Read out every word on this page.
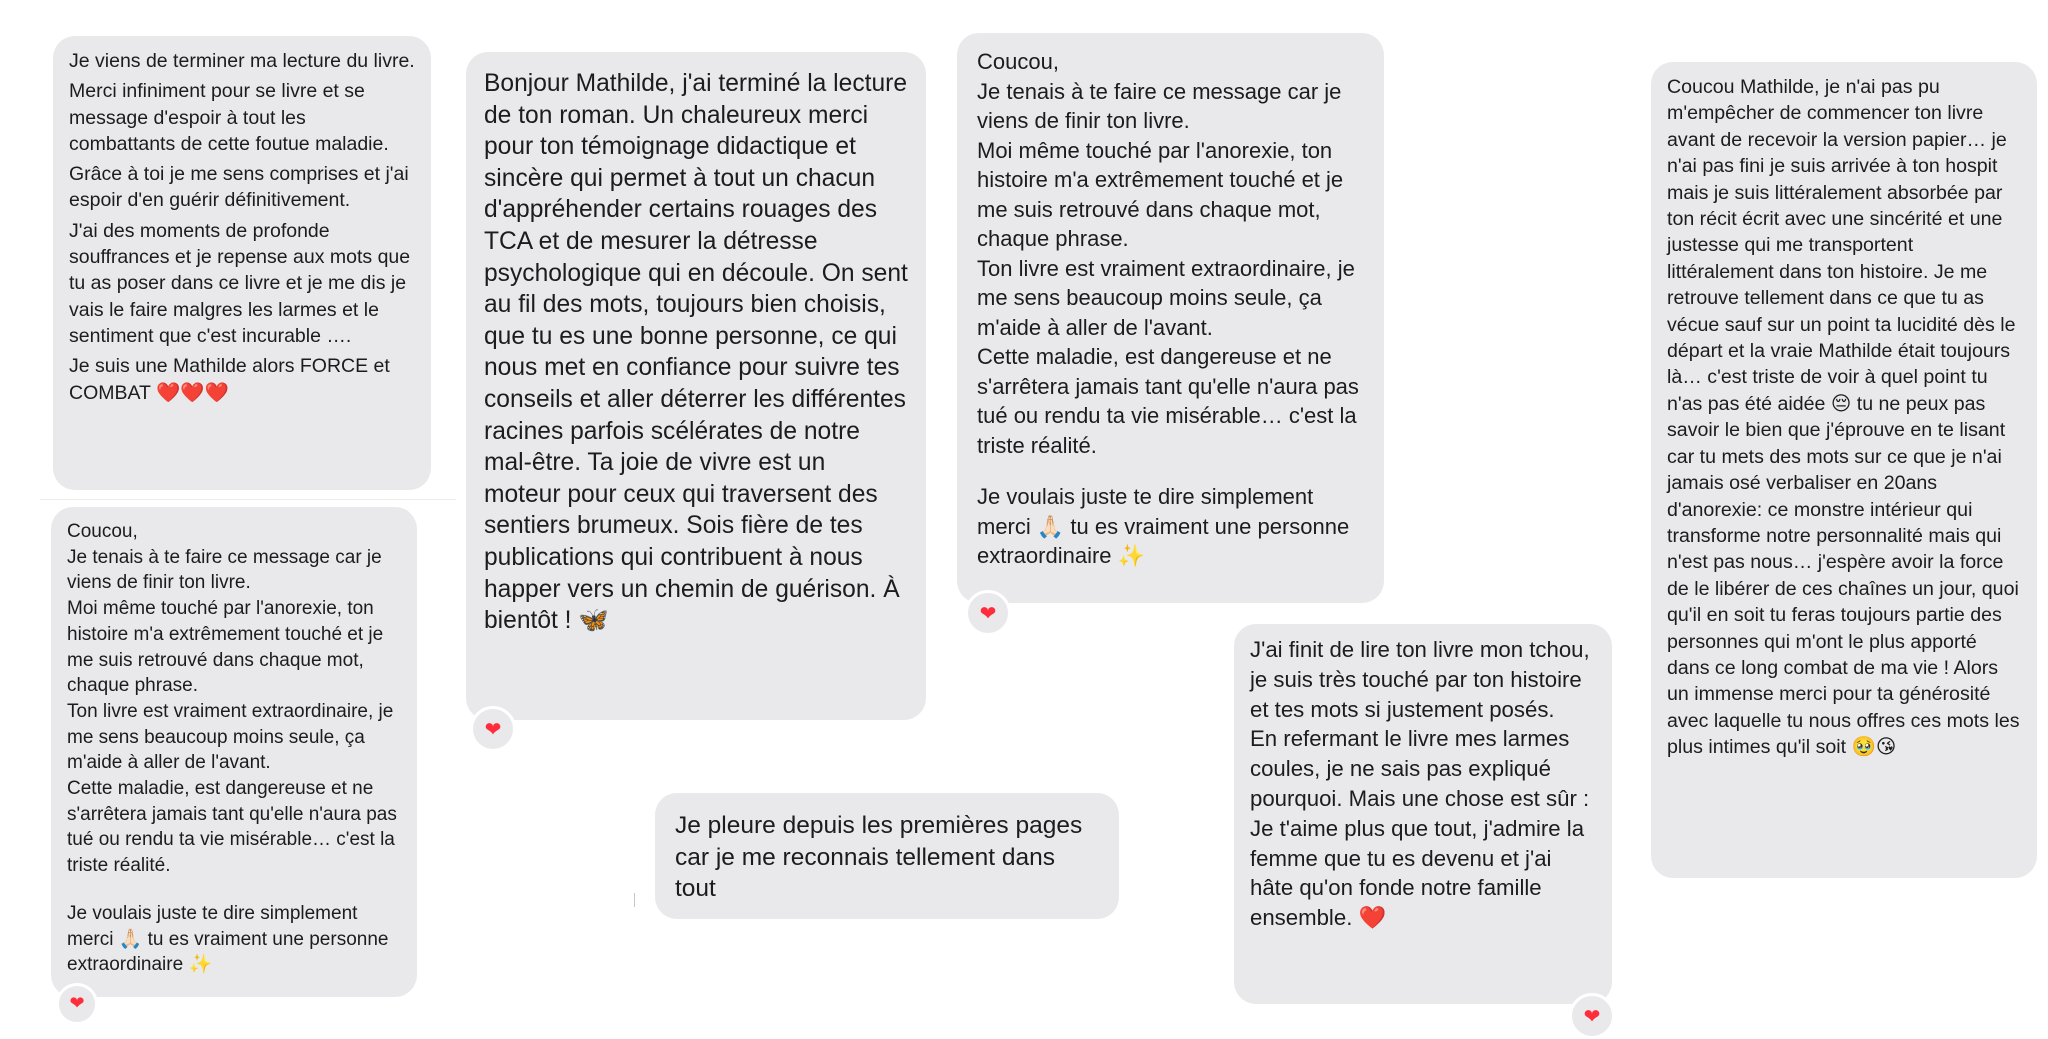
Je viens de terminer ma lecture du livre.
Merci infiniment pour se livre et se message d'espoir à tout les combattants de cette foutue maladie.
Grâce à toi je me sens comprises et j'ai espoir d'en guérir définitivement.
J'ai des moments de profonde souffrances et je repense aux mots que tu as poser dans ce livre et je me dis je vais le faire malgres les larmes et le sentiment que c'est incurable ….
Je suis une Mathilde alors FORCE et COMBAT ❤️❤️❤️
Bonjour Mathilde, j'ai terminé la lecture de ton roman. Un chaleureux merci pour ton témoignage didactique et sincère qui permet à tout un chacun d'appréhender certains rouages des TCA et de mesurer la détresse psychologique qui en découle. On sent au fil des mots, toujours bien choisis, que tu es une bonne personne, ce qui nous met en confiance pour suivre tes conseils et aller déterrer les différentes racines parfois scélérates de notre mal-être. Ta joie de vivre est un moteur pour ceux qui traversent des sentiers brumeux. Sois fière de tes publications qui contribuent à nous happer vers un chemin de guérison. À bientôt ! 🦋
❤
Coucou,
Je tenais à te faire ce message car je viens de finir ton livre.
Moi même touché par l'anorexie, ton histoire m'a extrêmement touché et je me suis retrouvé dans chaque mot, chaque phrase.
Ton livre est vraiment extraordinaire, je me sens beaucoup moins seule, ça m'aide à aller de l'avant.
Cette maladie, est dangereuse et ne s'arrêtera jamais tant qu'elle n'aura pas tué ou rendu ta vie misérable… c'est la triste réalité.
Je voulais juste te dire simplement merci 🙏🏻 tu es vraiment une personne extraordinaire ✨
❤
Coucou,
Je tenais à te faire ce message car je viens de finir ton livre.
Moi même touché par l'anorexie, ton histoire m'a extrêmement touché et je me suis retrouvé dans chaque mot, chaque phrase.
Ton livre est vraiment extraordinaire, je me sens beaucoup moins seule, ça m'aide à aller de l'avant.
Cette maladie, est dangereuse et ne s'arrêtera jamais tant qu'elle n'aura pas tué ou rendu ta vie misérable… c'est la triste réalité.
Je voulais juste te dire simplement merci 🙏🏻 tu es vraiment une personne extraordinaire ✨
❤
Je pleure depuis les premières pages car je me reconnais tellement dans tout
J'ai finit de lire ton livre mon tchou, je suis très touché par ton histoire et tes mots si justement posés.
En refermant le livre mes larmes coules, je ne sais pas expliqué pourquoi. Mais une chose est sûr :
Je t'aime plus que tout, j'admire la femme que tu es devenu et j'ai hâte qu'on fonde notre famille ensemble. ❤️
❤
Coucou Mathilde, je n'ai pas pu m'empêcher de commencer ton livre avant de recevoir la version papier… je n'ai pas fini je suis arrivée à ton hospit mais je suis littéralement absorbée par ton récit écrit avec une sincérité et une justesse qui me transportent littéralement dans ton histoire. Je me retrouve tellement dans ce que tu as vécue sauf sur un point ta lucidité dès le départ et la vraie Mathilde était toujours là… c'est triste de voir à quel point tu n'as pas été aidée 😔 tu ne peux pas savoir le bien que j'éprouve en te lisant car tu mets des mots sur ce que je n'ai jamais osé verbaliser en 20ans d'anorexie: ce monstre intérieur qui transforme notre personnalité mais qui n'est pas nous… j'espère avoir la force de le libérer de ces chaînes un jour, quoi qu'il en soit tu feras toujours partie des personnes qui m'ont le plus apporté dans ce long combat de ma vie ! Alors un immense merci pour ta générosité avec laquelle tu nous offres ces mots les plus intimes qu'il soit 🥹😘
